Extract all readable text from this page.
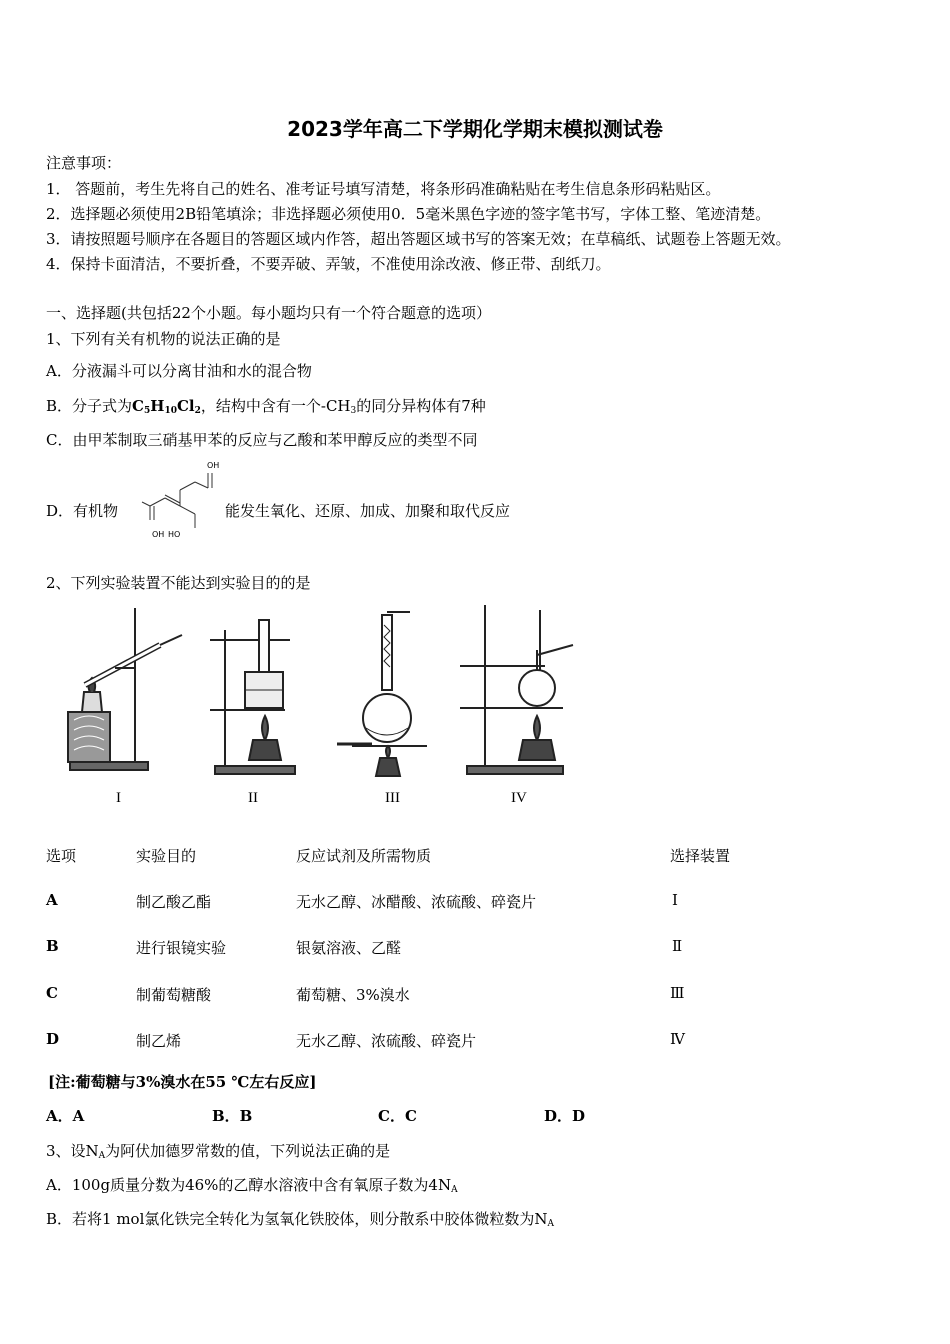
2023学年高二下学期化学期末模拟测试卷
注意事项：
1． 答题前，考生先将自己的姓名、准考证号填写清楚，将条形码准确粘贴在考生信息条形码粘贴区。
2．选择题必须使用2B铅笔填涂；非选择题必须使用0．5毫米黑色字迹的签字笔书写，字体工整、笔迹清楚。
3．请按照题号顺序在各题目的答题区域内作答，超出答题区域书写的答案无效；在草稿纸、试题卷上答题无效。
4．保持卡面清洁，不要折叠，不要弄破、弄皱，不准使用涂改液、修正带、刮纸刀。
一、选择题(共包括22个小题。每小题均只有一个符合题意的选项）
1、下列有关有机物的说法正确的是
A．分液漏斗可以分离甘油和水的混合物
B．分子式为$C_5H_{10}Cl_2$，结构中含有一个$-CH_3$的同分异构体有7种
C．由甲苯制取三硝基甲苯的反应与乙酸和苯甲醇反应的类型不同
D．有机物
OH
OH HO
能发生氧化、还原、加成、加聚和取代反应
2、下列实验装置不能达到实验目的的是
I	II	III	IV
选项	实验目的	反应试剂及所需物质	选择装置
A	制乙酸乙酯	无水乙醇、冰醋酸、浓硫酸、碎瓷片	Ⅰ
B	进行银镜实验	银氨溶液、乙醛	Ⅱ
C	制葡萄糖酸	葡萄糖、3%溴水	Ⅲ
D	制乙烯	无水乙醇、浓硫酸、碎瓷片	Ⅳ
[注:葡萄糖与3%溴水在55 ℃左右反应]
A．A	B．B	C．C	D．D
3、设$N_A$为阿伏加德罗常数的值，下列说法正确的是
A．100g质量分数为46%的乙醇水溶液中含有氧原子数为$4N_A$
B．若将1 mol氯化铁完全转化为氢氧化铁胶体，则分散系中胶体微粒数为$N_A$
